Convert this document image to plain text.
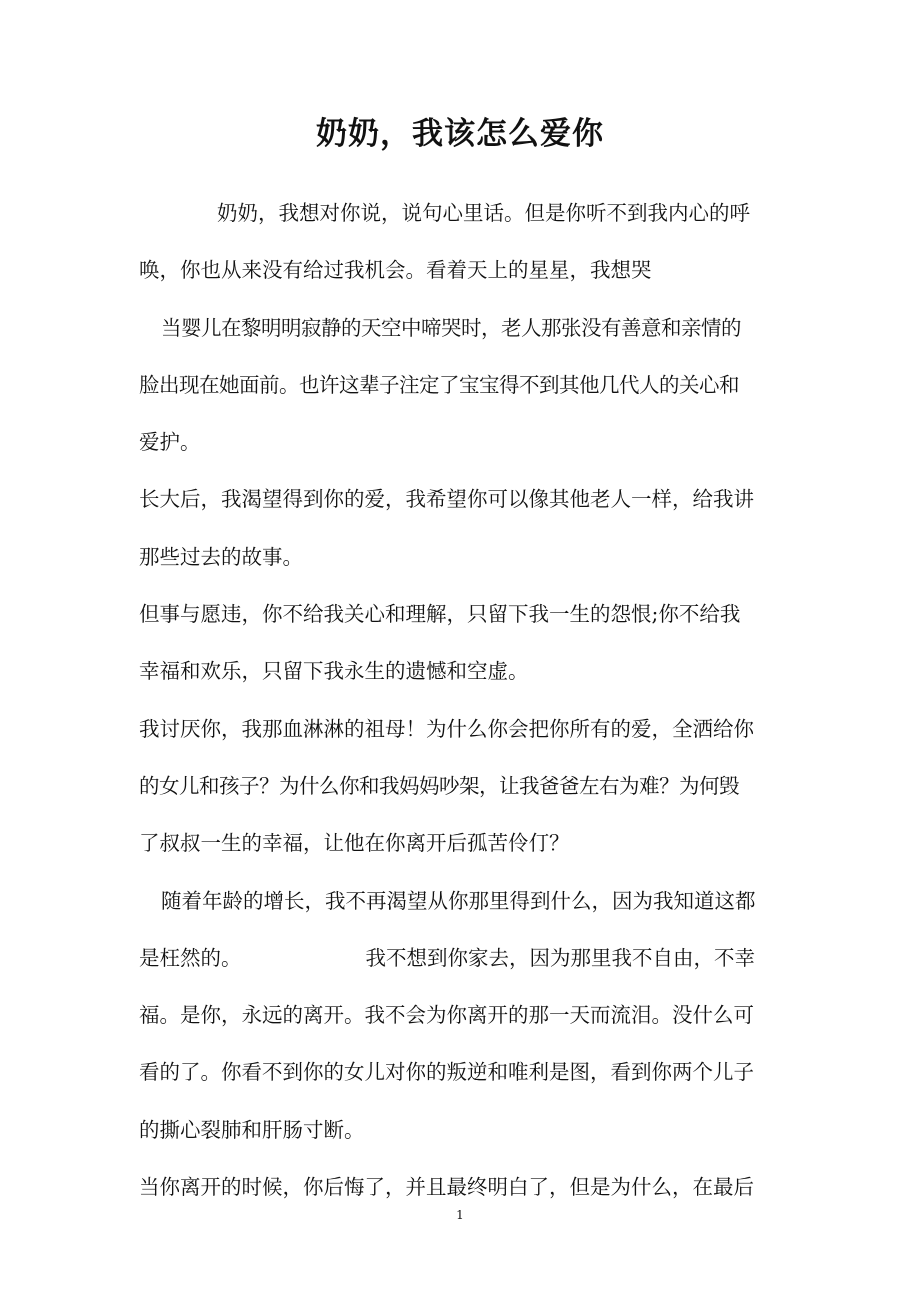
奶奶，我该怎么爱你
奶奶，我想对你说，说句心里话。但是你听不到我内心的呼
唤，你也从来没有给过我机会。看着天上的星星，我想哭
当婴儿在黎明明寂静的天空中啼哭时，老人那张没有善意和亲情的
脸出现在她面前。也许这辈子注定了宝宝得不到其他几代人的关心和
爱护。
长大后，我渴望得到你的爱，我希望你可以像其他老人一样，给我讲
那些过去的故事。
但事与愿违，你不给我关心和理解，只留下我一生的怨恨;你不给我
幸福和欢乐，只留下我永生的遗憾和空虚。
我讨厌你，我那血淋淋的祖母！为什么你会把你所有的爱，全洒给你
的女儿和孩子？为什么你和我妈妈吵架，让我爸爸左右为难？为何毁
了叔叔一生的幸福，让他在你离开后孤苦伶仃？
随着年龄的增长，我不再渴望从你那里得到什么，因为我知道这都
是枉然的。	我不想到你家去，因为那里我不自由，不幸
福。是你，永远的离开。我不会为你离开的那一天而流泪。没什么可
看的了。你看不到你的女儿对你的叛逆和唯利是图，看到你两个儿子
的撕心裂肺和肝肠寸断。
当你离开的时候，你后悔了，并且最终明白了，但是为什么，在最后
1
